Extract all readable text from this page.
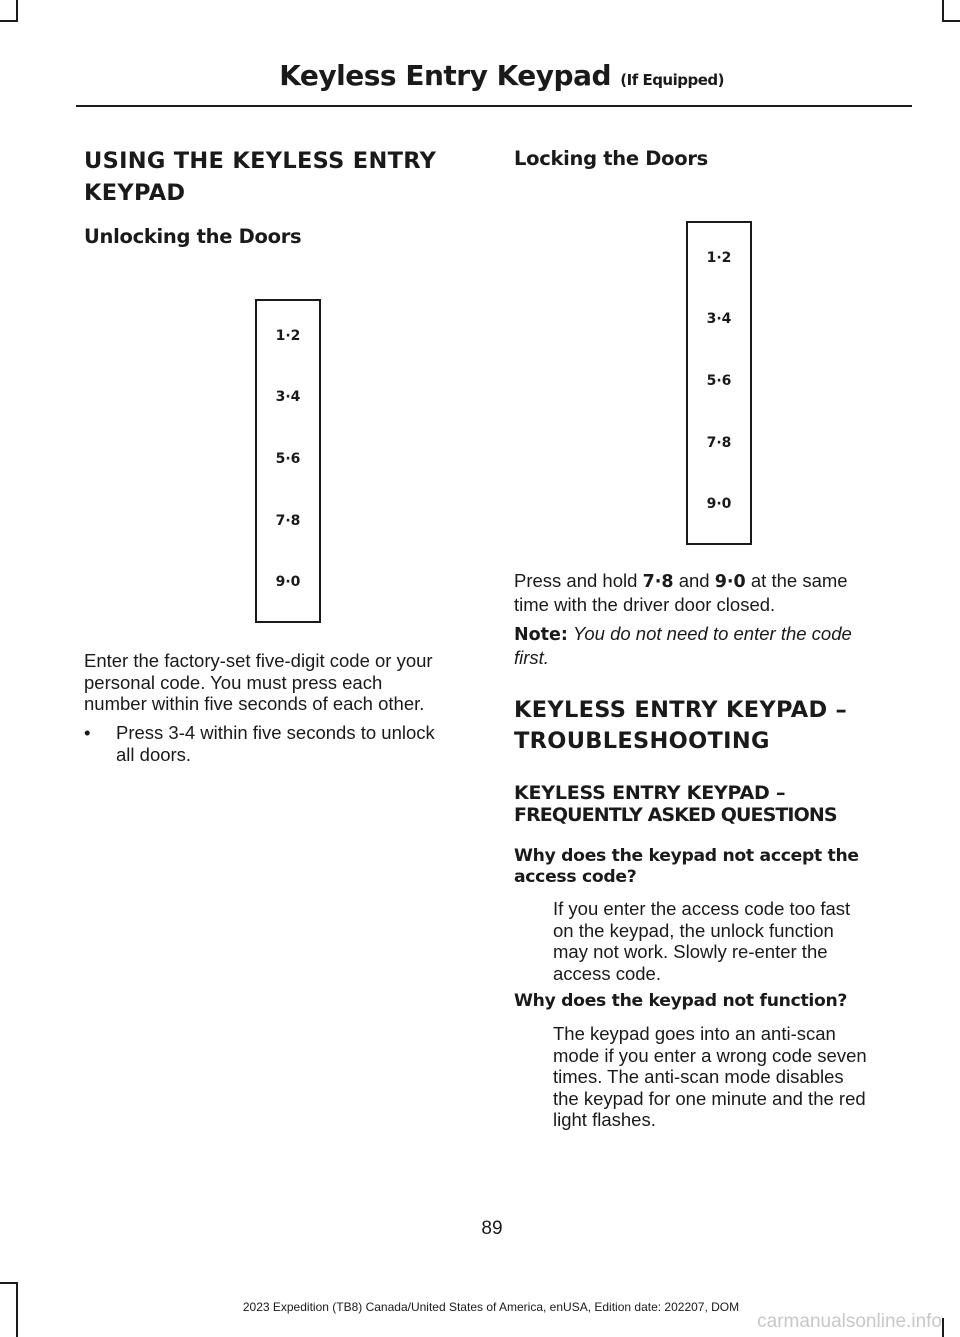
Keyless Entry Keypad (If Equipped)
USING THE KEYLESS ENTRY
KEYPAD
Unlocking the Doors
1·2
3·4
5·6
7·8
9·0
Enter the factory-set five-digit code or your
personal code. You must press each
number within five seconds of each other.
• Press 3-4 within five seconds to unlock
all doors.
Locking the Doors
1·2
3·4
5·6
7·8
9·0
Press and hold 7·8 and 9·0 at the same
time with the driver door closed.
Note: You do not need to enter the code
first.
KEYLESS ENTRY KEYPAD –
TROUBLESHOOTING
KEYLESS ENTRY KEYPAD –
FREQUENTLY ASKED QUESTIONS
Why does the keypad not accept the
access code?
If you enter the access code too fast
on the keypad, the unlock function
may not work. Slowly re-enter the
access code.
Why does the keypad not function?
The keypad goes into an anti-scan
mode if you enter a wrong code seven
times. The anti-scan mode disables
the keypad for one minute and the red
light flashes.
89
2023 Expedition (TB8) Canada/United States of America, enUSA, Edition date: 202207, DOM
carmanualsonline.info
